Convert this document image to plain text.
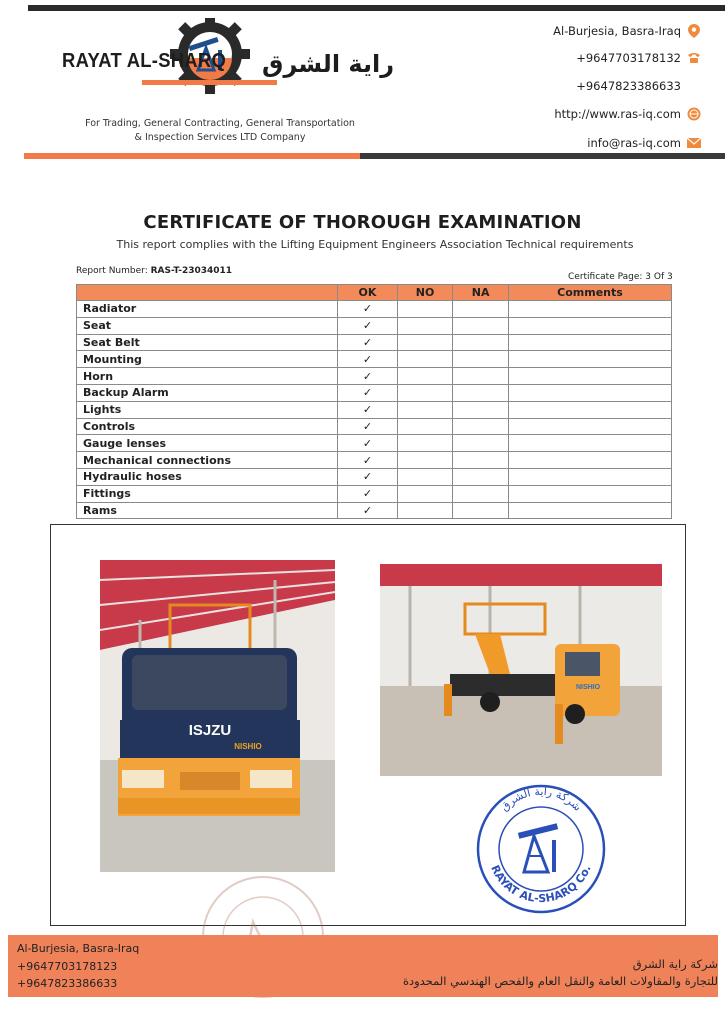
RAYAT AL-SHARQ راية الشرق
For Trading, General Contracting, General Transportation
& Inspection Services LTD Company
Al-Burjesia, Basra-Iraq
+9647703178132
+9647823386633
http://www.ras-iq.com
info@ras-iq.com
CERTIFICATE OF THOROUGH EXAMINATION
This report complies with the Lifting Equipment Engineers Association Technical requirements
Report Number: RAS-T-23034011
Certificate Page: 3 Of 3
	OK	NO	NA	Comments
Radiator	✓			
Seat	✓			
Seat Belt	✓			
Mounting	✓			
Horn	✓			
Backup Alarm	✓			
Lights	✓			
Controls	✓			
Gauge lenses	✓			
Mechanical connections	✓			
Hydraulic hoses	✓			
Fittings	✓			
Rams	✓			
ISJZU
NISHIO
NISHIO
RAYAT AL-SHARQ Co.
شركة راية الشرق
Al-Burjesia, Basra-Iraq
+9647703178123
+9647823386633
شركة راية الشرق
للتجارة والمقاولات العامة والنقل العام والفحص الهندسي المحدودة
